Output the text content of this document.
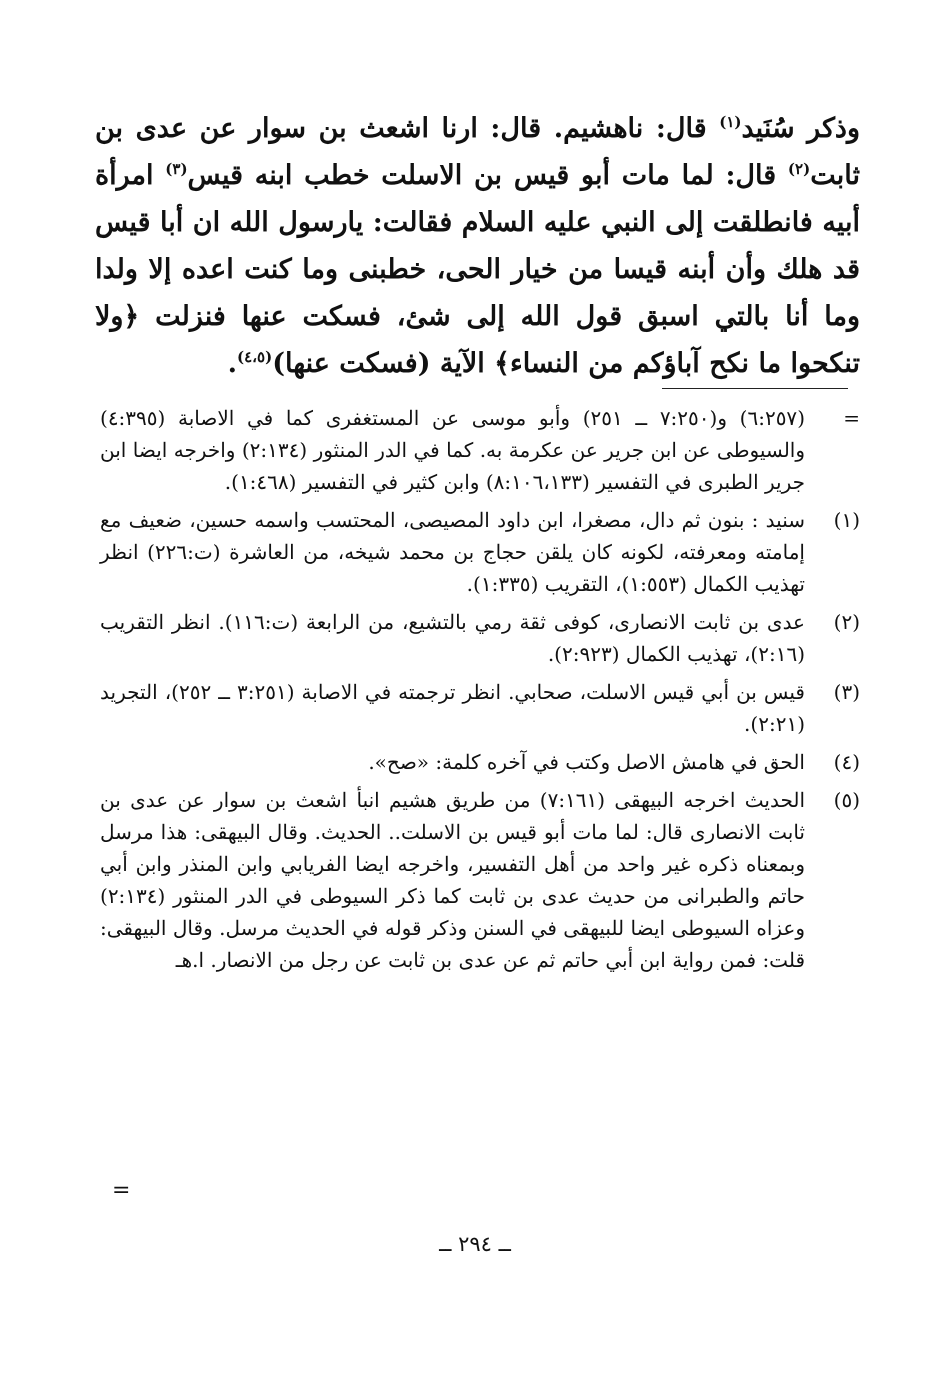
وذكر سُنَيد$^{(١)}$ قال: ناهشيم. قال: ارنا اشعث بن سوار عن عدى بن ثابت$^{(٢)}$ قال: لما مات أبو قيس بن الاسلت خطب ابنه قيس$^{(٣)}$ امرأة أبيه فانطلقت إلى النبي عليه السلام فقالت: يارسول الله ان أبا قيس قد هلك وأن أبنه قيسا من خيار الحى، خطبنى وما كنت اعده إلا ولدا وما أنا بالتي اسبق قول الله إلى شئ، فسكت عنها فنزلت ﴿ولا تنكحوا ما نكح آباؤكم من النساء﴾ الآية (فسكت عنها)$^{(٤،٥)}$.

=
(٦:٢٥٧) و(٧:٢٥٠ ــ ٢٥١) وأبو موسى عن المستغفرى كما في الاصابة (٤:٣٩٥) والسيوطى عن ابن جرير عن عكرمة به. كما في الدر المنثور (٢:١٣٤) واخرجه ايضا ابن جرير الطبرى في التفسير (٨:١٠٦،١٣٣) وابن كثير في التفسير (١:٤٦٨).
(١)
سنيد : بنون ثم دال، مصغرا، ابن داود المصيصى، المحتسب واسمه حسين، ضعيف مع إمامته ومعرفته، لكونه كان يلقن حجاج بن محمد شيخه، من العاشرة (ت:٢٢٦) انظر تهذيب الكمال (١:٥٥٣)، التقريب (١:٣٣٥).
(٢)
عدى بن ثابت الانصارى، كوفى ثقة رمي بالتشيع، من الرابعة (ت:١١٦). انظر التقريب (٢:١٦)، تهذيب الكمال (٢:٩٢٣).
(٣)
قيس بن أبي قيس الاسلت، صحابي. انظر ترجمته في الاصابة (٣:٢٥١ ــ ٢٥٢)، التجريد (٢:٢١).
(٤)
الحق في هامش الاصل وكتب في آخره كلمة: «صح».
(٥)
الحديث اخرجه البيهقى (٧:١٦١) من طريق هشيم انبأ اشعث بن سوار عن عدى بن ثابت الانصارى قال: لما مات أبو قيس بن الاسلت.. الحديث. وقال البيهقى: هذا مرسل وبمعناه ذكره غير واحد من أهل التفسير، واخرجه ايضا الفريابي وابن المنذر وابن أبي حاتم والطبرانى من حديث عدى بن ثابت كما ذكر السيوطى في الدر المنثور (٢:١٣٤) وعزاه السيوطى ايضا للبيهقى في السنن وذكر قوله في الحديث مرسل. وقال البيهقى: قلت: فمن رواية ابن أبي حاتم ثم عن عدى بن ثابت عن رجل من الانصار. ا.هـ
=
ــ ٢٩٤ ــ
